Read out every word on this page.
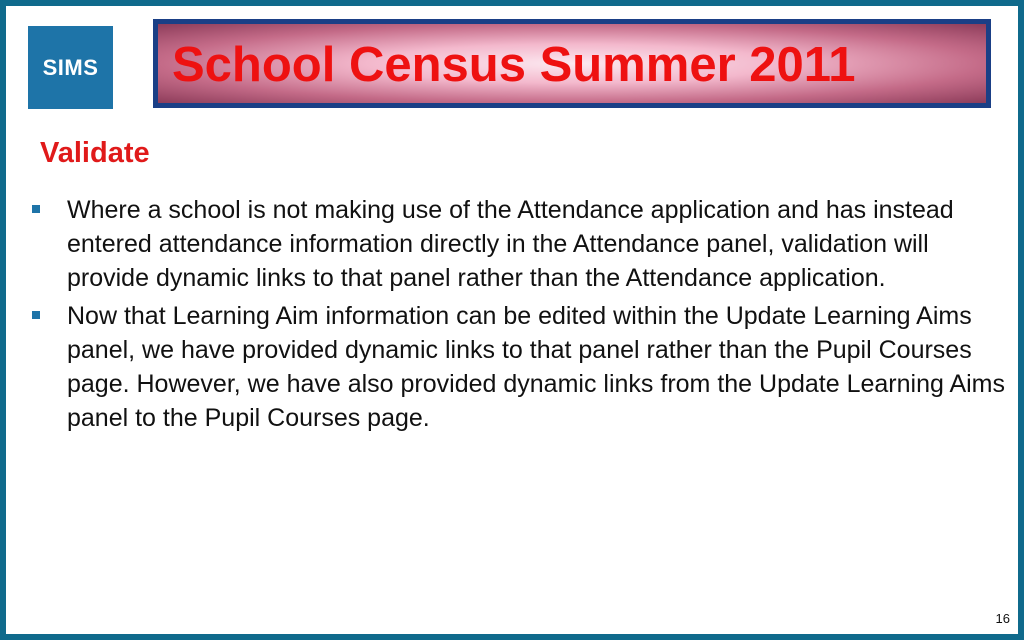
SIMS School Census Summer 2011
Validate
Where a school is not making use of the Attendance application and has instead entered attendance information directly in the Attendance panel, validation will provide dynamic links to that panel rather than the Attendance application.
Now that Learning Aim information can be edited within the Update Learning Aims panel, we have provided dynamic links to that panel rather than the Pupil Courses page. However, we have also provided dynamic links from the Update Learning Aims panel to the Pupil Courses page.
16
